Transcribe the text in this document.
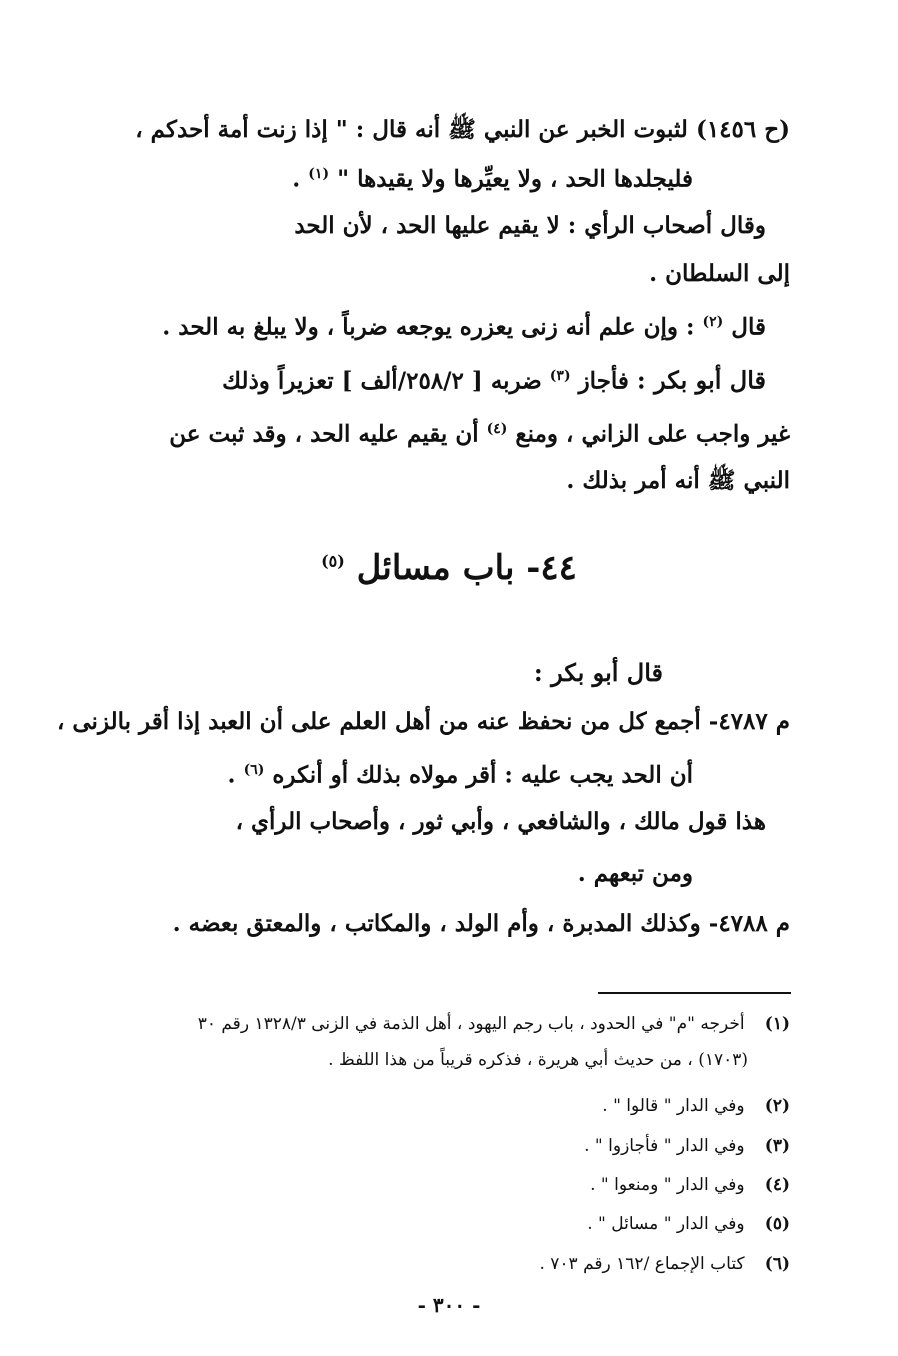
(ح ١٤٥٦) لثبوت الخبر عن النبي ﷺ أنه قال : " إذا زنت أمة أحدكم ،
فليجلدها الحد ، ولا يعيِّرها ولا يقيدها " $^{(١)}$ .
وقال أصحاب الرأي : لا يقيم عليها الحد ، لأن الحد
إلى السلطان .
قال $^{(٢)}$ : وإن علم أنه زنى يعزره يوجعه ضرباً ، ولا يبلغ به الحد .
قال أبو بكر : فأجاز $^{(٣)}$ ضربه [ ٢٥٨/٢/ألف ] تعزيراً وذلك
غير واجب على الزاني ، ومنع $^{(٤)}$ أن يقيم عليه الحد ، وقد ثبت عن
النبي ﷺ أنه أمر بذلك .
٤٤- باب مسائل $^{(٥)}$
قال أبو بكر :
م ٤٧٨٧- أجمع كل من نحفظ عنه من أهل العلم على أن العبد إذا أقر بالزنى ،
أن الحد يجب عليه : أقر مولاه بذلك أو أنكره $^{(٦)}$ .
هذا قول مالك ، والشافعي ، وأبي ثور ، وأصحاب الرأي ،
ومن تبعهم .
م ٤٧٨٨- وكذلك المدبرة ، وأم الولد ، والمكاتب ، والمعتق بعضه .
(١) أخرجه "م" في الحدود ، باب رجم اليهود ، أهل الذمة في الزنى ١٣٢٨/٣ رقم ٣٠
(١٧٠٣) ، من حديث أبي هريرة ، فذكره قريباً من هذا اللفظ .
(٢) وفي الدار " قالوا " .
(٣) وفي الدار " فأجازوا " .
(٤) وفي الدار " ومنعوا " .
(٥) وفي الدار " مسائل " .
(٦) كتاب الإجماع /١٦٢ رقم ٧٠٣ .
- ٣٠٠ -
